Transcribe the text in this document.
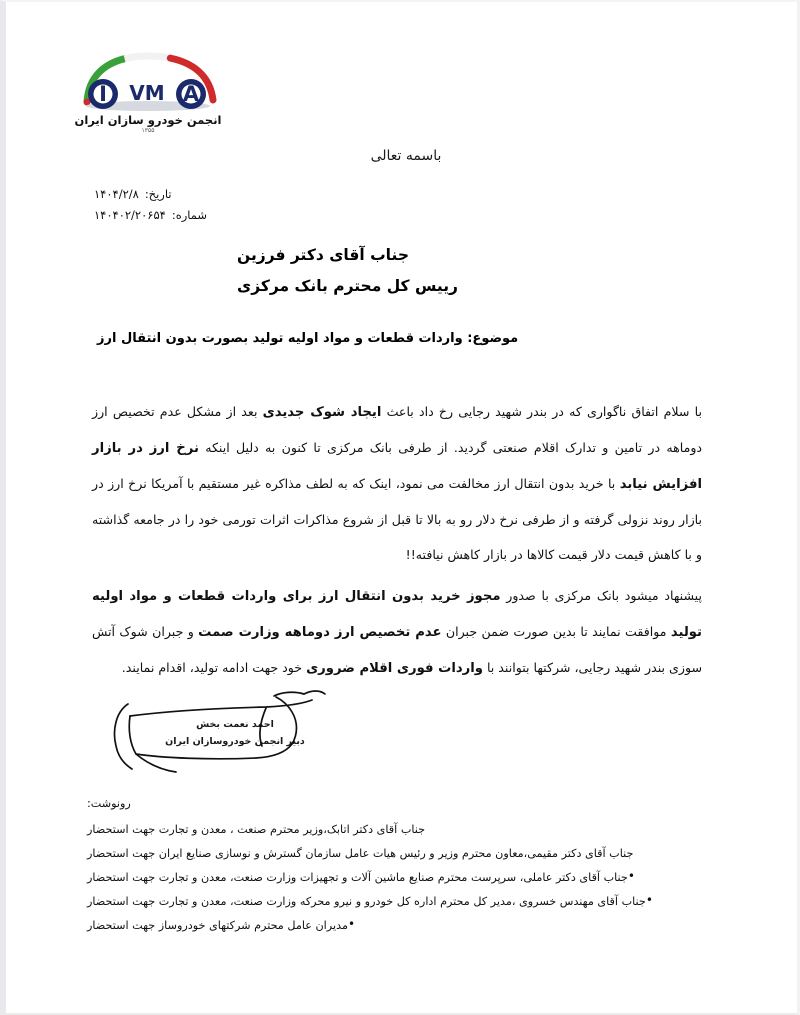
I VM A
انجمن خودرو سازان ایران
۱۳۵۵
باسمه تعالی
تاریخ:۱۴۰۴/۲/۸
شماره:۱۴۰۴۰۲/۲۰۶۵۴
جناب آقای دکتر فرزین
رییس کل محترم بانک مرکزی
موضوع: واردات قطعات و مواد اولیه تولید بصورت بدون انتقال ارز

با سلام اتفاق ناگواری که در بندر شهید رجایی رخ داد باعث ایجاد شوک جدیدی بعد از مشکل عدم تخصیص ارز دوماهه در تامین و تدارک اقلام صنعتی گردید. از طرفی بانک مرکزی تا کنون به دلیل اینکه نرخ ارز در بازار افزایش نیابد با خرید بدون انتقال ارز مخالفت می نمود، اینک که به لطف مذاکره غیر مستقیم با آمریکا نرخ ارز در بازار روند نزولی گرفته و از طرفی نرخ دلار رو به بالا تا قبل از شروع مذاکرات اثرات تورمی خود را در جامعه گذاشته و با کاهش قیمت دلار قیمت کالاها در بازار کاهش نیافته!!

پیشنهاد میشود بانک مرکزی با صدور مجوز خرید بدون انتقال ارز برای واردات قطعات و مواد اولیه تولید موافقت نمایند تا بدین صورت ضمن جبران عدم تخصیص ارز دوماهه وزارت صمت و جبران شوک آتش سوزی بندر شهید رجایی، شرکتها بتوانند با واردات فوری اقلام ضروری خود جهت ادامه تولید، اقدام نمایند.

احمد نعمت بخش
دبیر انجمن خودروسازان ایران
رونوشت:
جناب آقای دکتر اتابک،وزیر محترم صنعت ، معدن و تجارت جهت استحضار
جناب آقای دکتر مقیمی،معاون محترم وزیر و رئیس هیات عامل سازمان گسترش و نوسازی صنایع ایران جهت استحضار
•جناب آقای دکتر عاملی، سرپرست محترم صنایع ماشین آلات و تجهیزات وزارت صنعت، معدن و تجارت جهت استحضار
•جناب آقای مهندس خسروی ،مدیر کل محترم اداره کل خودرو و نیرو محرکه وزارت صنعت، معدن و تجارت جهت استحضار
•مدیران عامل محترم شرکتهای خودروساز جهت استحضار
